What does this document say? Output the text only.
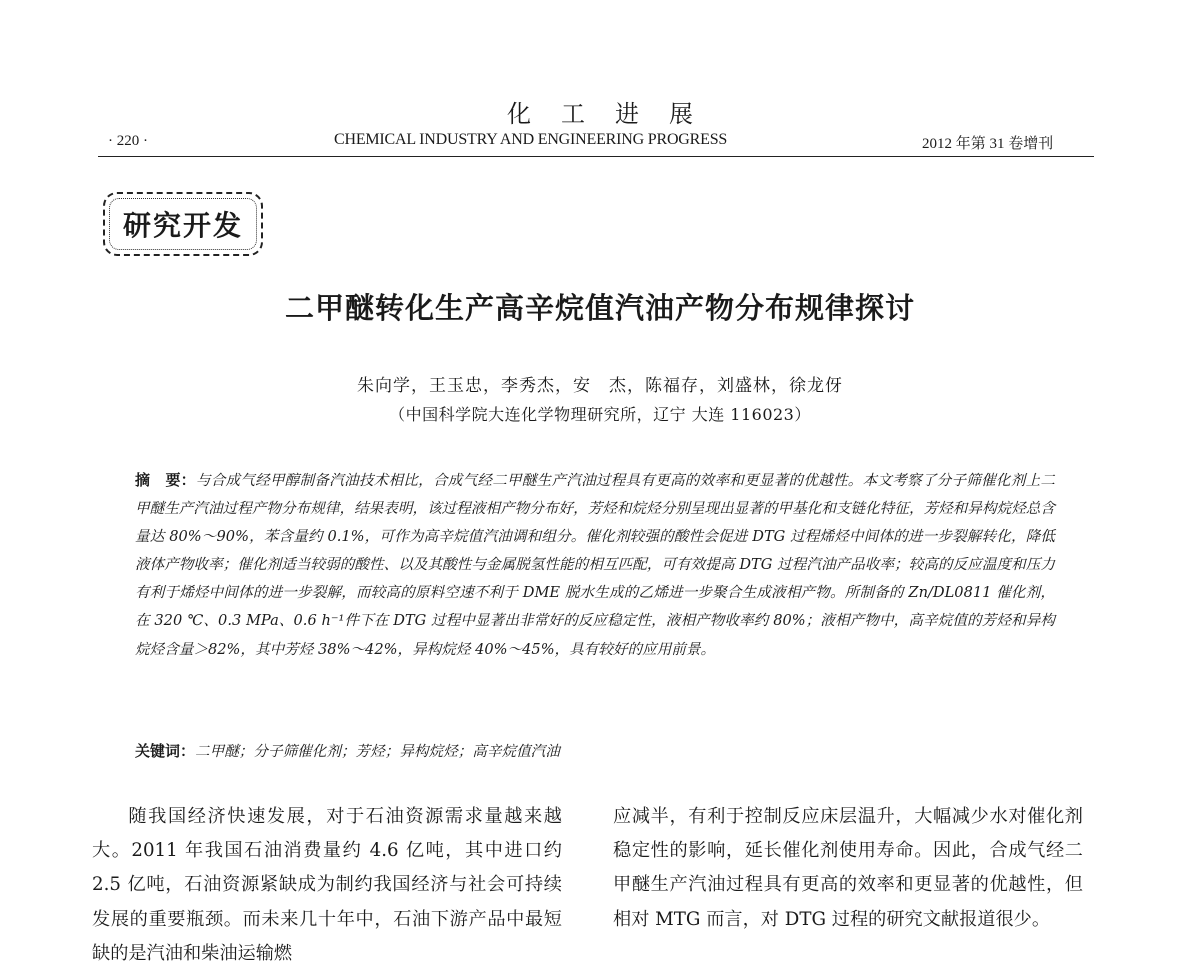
化工进展
· 220 ·	CHEMICAL INDUSTRY AND ENGINEERING PROGRESS	2012 年第 31 卷增刊
研究开发
二甲醚转化生产高辛烷值汽油产物分布规律探讨
朱向学，王玉忠，李秀杰，安　杰，陈福存，刘盛林，徐龙伢
（中国科学院大连化学物理研究所，辽宁 大连 116023）
摘　要：与合成气经甲醇制备汽油技术相比，合成气经二甲醚生产汽油过程具有更高的效率和更显著的优越性。本文考察了分子筛催化剂上二甲醚生产汽油过程产物分布规律，结果表明，该过程液相产物分布好，芳烃和烷烃分别呈现出显著的甲基化和支链化特征，芳烃和异构烷烃总含量达 80%～90%，苯含量约 0.1%，可作为高辛烷值汽油调和组分。催化剂较强的酸性会促进 DTG 过程烯烃中间体的进一步裂解转化，降低液体产物收率；催化剂适当较弱的酸性、以及其酸性与金属脱氢性能的相互匹配，可有效提高 DTG 过程汽油产品收率；较高的反应温度和压力有利于烯烃中间体的进一步裂解，而较高的原料空速不利于 DME 脱水生成的乙烯进一步聚合生成液相产物。所制备的 Zn/DL0811 催化剂，在 320 ℃、0.3 MPa、0.6 h⁻¹件下在 DTG 过程中显著出非常好的反应稳定性，液相产物收率约 80%；液相产物中，高辛烷值的芳烃和异构烷烃含量＞82%，其中芳烃 38%～42%，异构烷烃 40%～45%，具有较好的应用前景。
关键词：二甲醚；分子筛催化剂；芳烃；异构烷烃；高辛烷值汽油
随我国经济快速发展，对于石油资源需求量越来越大。2011 年我国石油消费量约 4.6 亿吨，其中进口约 2.5 亿吨，石油资源紧缺成为制约我国经济与社会可持续发展的重要瓶颈。而未来几十年中，石油下游产品中最短缺的是汽油和柴油运输燃
应减半，有利于控制反应床层温升，大幅减少水对催化剂稳定性的影响，延长催化剂使用寿命。因此，合成气经二甲醚生产汽油过程具有更高的效率和更显著的优越性，但相对 MTG 而言，对 DTG 过程的研究文献报道很少。
